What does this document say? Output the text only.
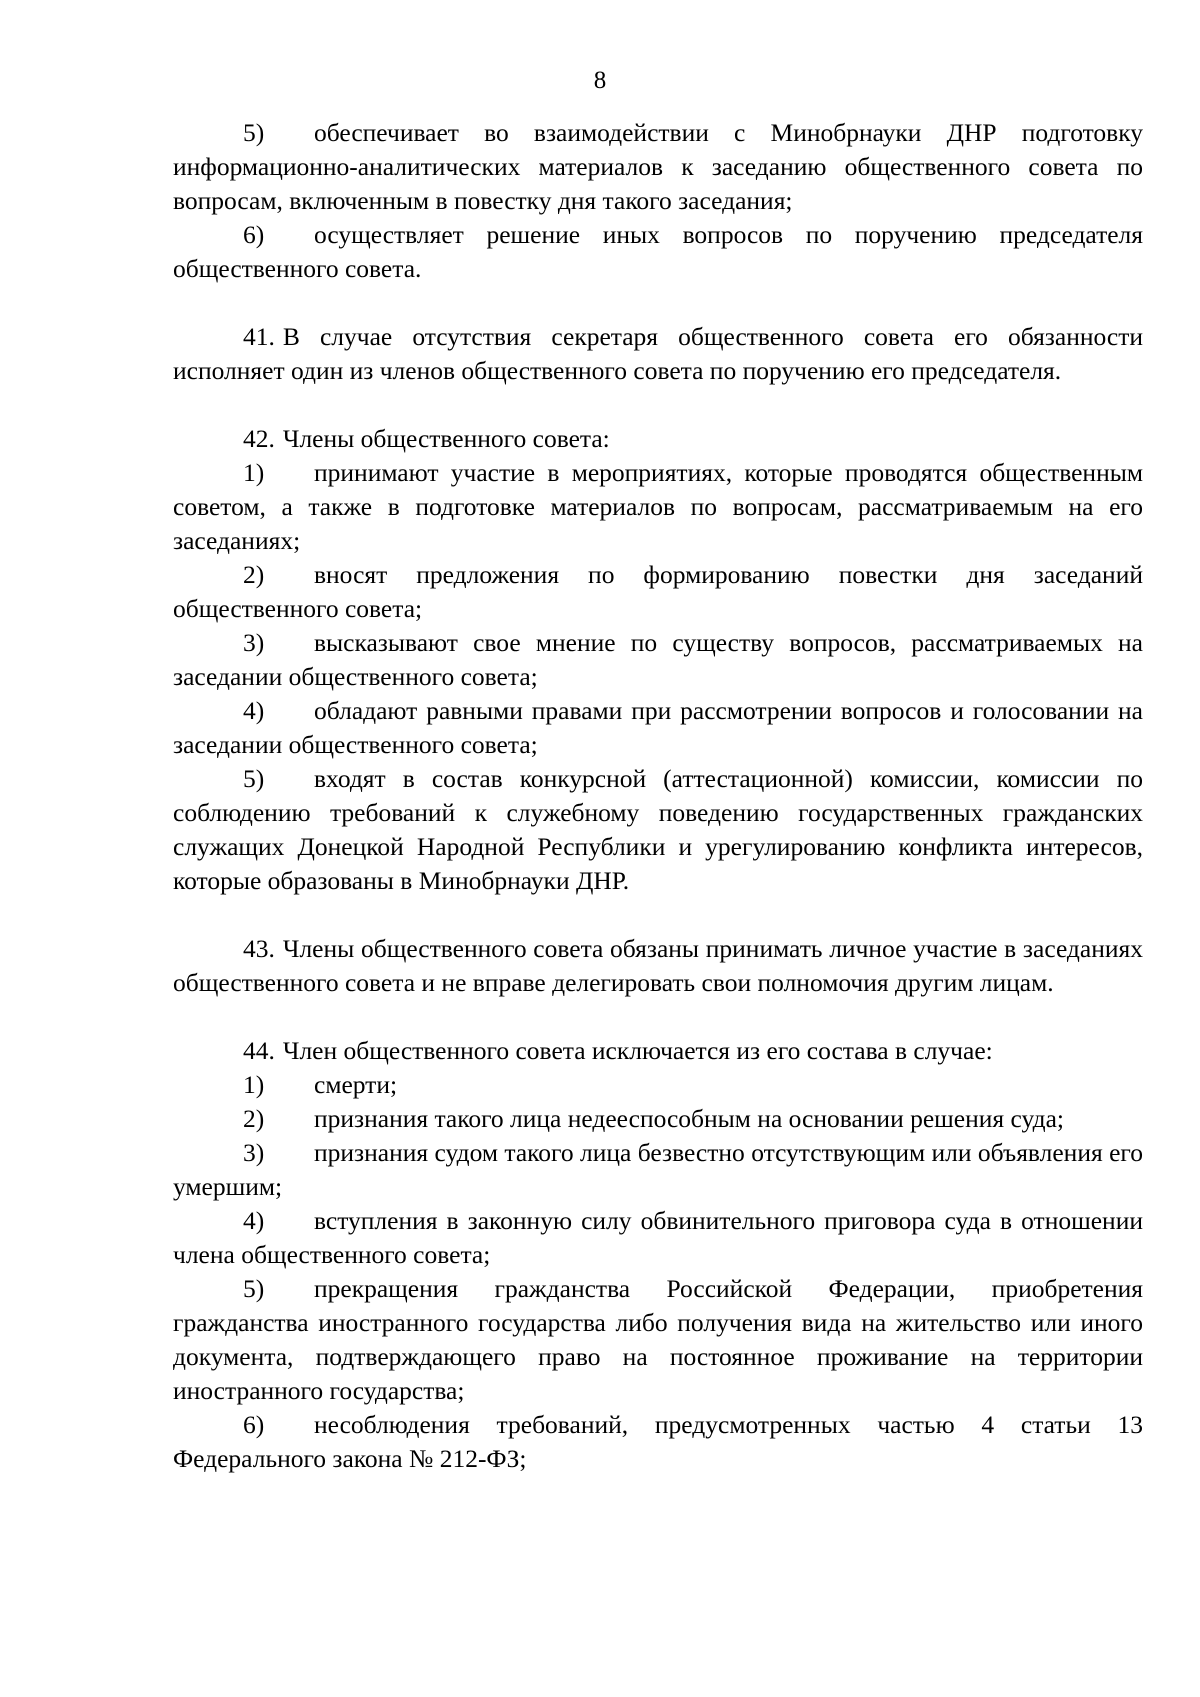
8

5) обеспечивает во взаимодействии с Минобрнауки ДНР подготовку информационно-аналитических материалов к заседанию общественного совета по вопросам, включенным в повестку дня такого заседания;

6) осуществляет решение иных вопросов по поручению председателя общественного совета.

41. В случае отсутствия секретаря общественного совета его обязанности исполняет один из членов общественного совета по поручению его председателя.

42. Члены общественного совета:

1) принимают участие в мероприятиях, которые проводятся общественным советом, а также в подготовке материалов по вопросам, рассматриваемым на его заседаниях;

2) вносят предложения по формированию повестки дня заседаний общественного совета;

3) высказывают свое мнение по существу вопросов, рассматриваемых на заседании общественного совета;

4) обладают равными правами при рассмотрении вопросов и голосовании на заседании общественного совета;

5) входят в состав конкурсной (аттестационной) комиссии, комиссии по соблюдению требований к служебному поведению государственных гражданских служащих Донецкой Народной Республики и урегулированию конфликта интересов, которые образованы в Минобрнауки ДНР.

43. Члены общественного совета обязаны принимать личное участие в заседаниях общественного совета и не вправе делегировать свои полномочия другим лицам.

44. Член общественного совета исключается из его состава в случае:

1) смерти;

2) признания такого лица недееспособным на основании решения суда;

3) признания судом такого лица безвестно отсутствующим или объявления его умершим;

4) вступления в законную силу обвинительного приговора суда в отношении члена общественного совета;

5) прекращения гражданства Российской Федерации, приобретения гражданства иностранного государства либо получения вида на жительство или иного документа, подтверждающего право на постоянное проживание на территории иностранного государства;

6) несоблюдения требований, предусмотренных частью 4 статьи 13 Федерального закона № 212-ФЗ;
